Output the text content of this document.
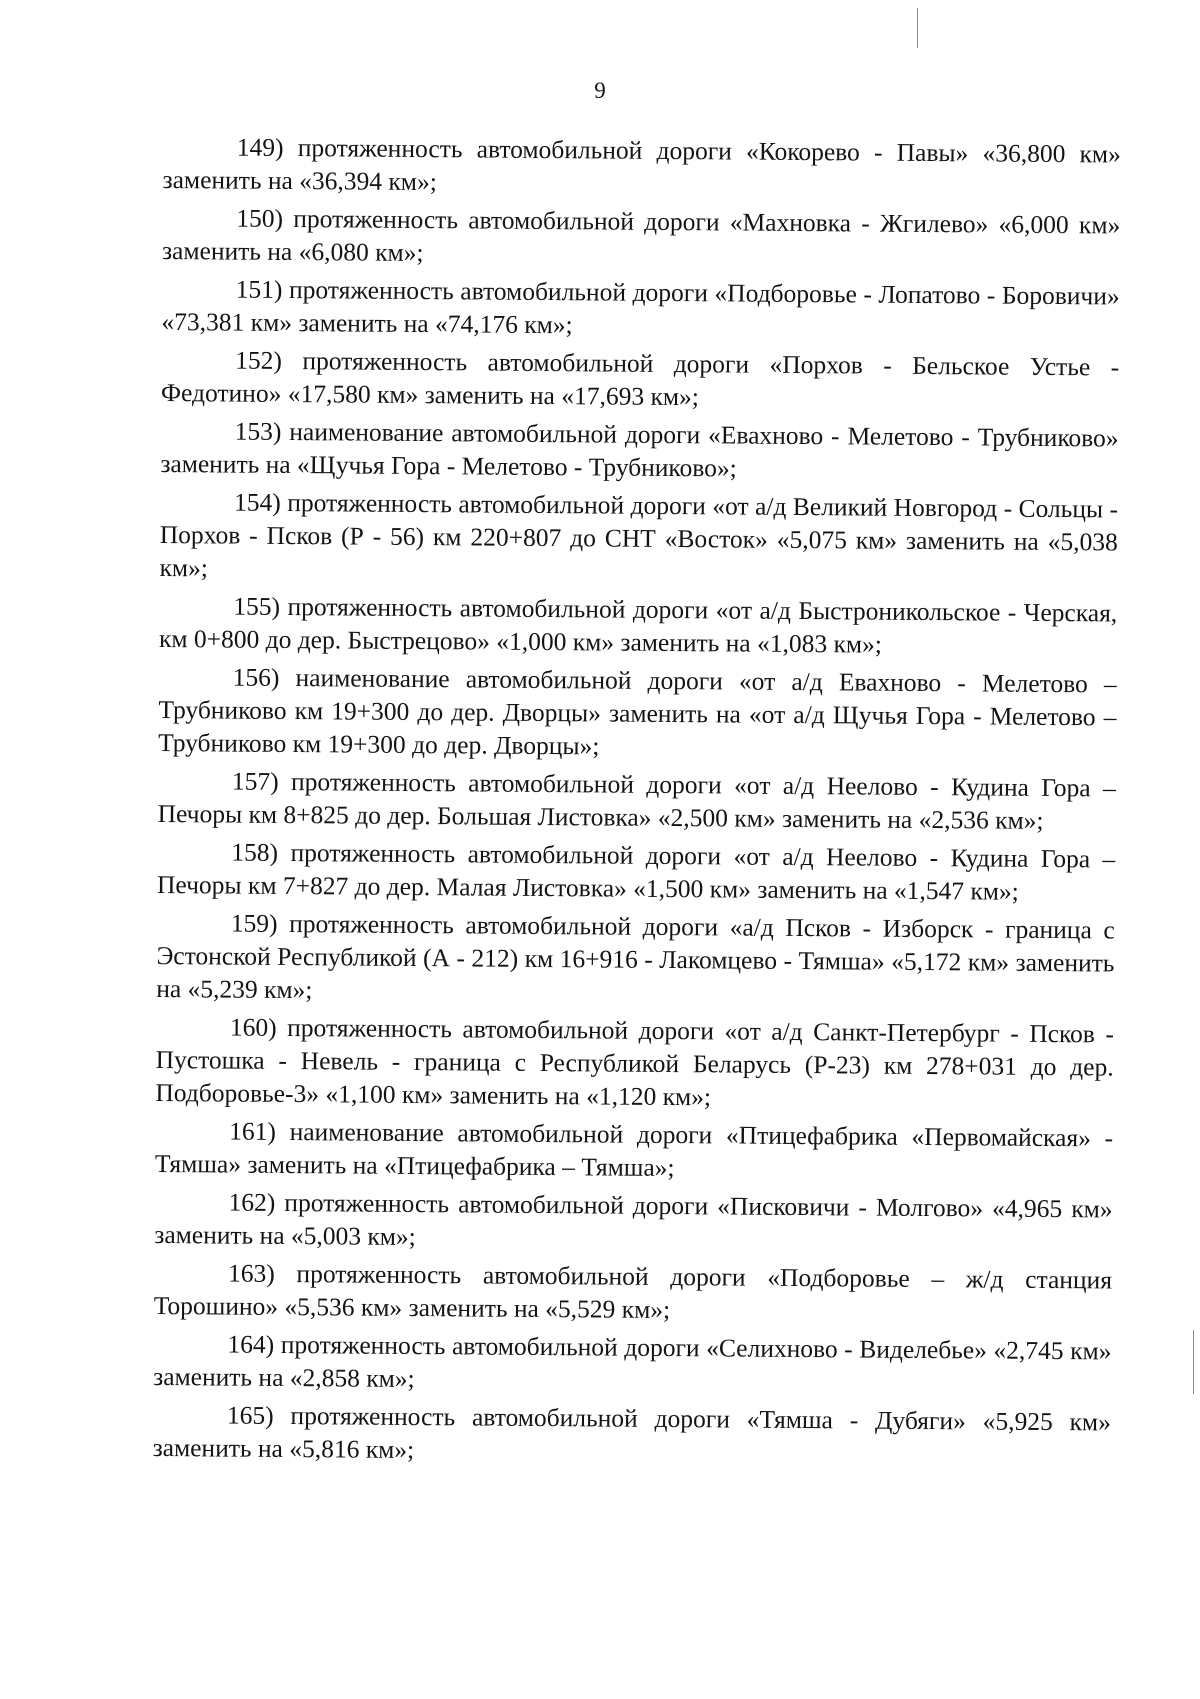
9

149) протяженность автомобильной дороги «Кокорево - Павы» «36,800 км» заменить на «36,394 км»;

150) протяженность автомобильной дороги «Махновка - Жгилево» «6,000 км» заменить на «6,080 км»;

151) протяженность автомобильной дороги «Подборовье - Лопатово - Боровичи» «73,381 км» заменить на «74,176 км»;

152) протяженность автомобильной дороги «Порхов - Бельское Устье - Федотино» «17,580 км» заменить на «17,693 км»;

153) наименование автомобильной дороги «Евахново - Мелетово - Трубниково» заменить на «Щучья Гора - Мелетово - Трубниково»;

154) протяженность автомобильной дороги «от а/д Великий Новгород - Сольцы - Порхов - Псков (Р - 56) км 220+807 до СНТ «Восток» «5,075 км» заменить на «5,038 км»;

155) протяженность автомобильной дороги «от а/д Быстроникольское - Черская, км 0+800 до дер. Быстрецово» «1,000 км» заменить на «1,083 км»;

156) наименование автомобильной дороги «от а/д Евахново - Мелетово – Трубниково км 19+300 до дер. Дворцы» заменить на «от а/д Щучья Гора - Мелетово – Трубниково км 19+300 до дер. Дворцы»;

157) протяженность автомобильной дороги «от а/д Неелово - Кудина Гора – Печоры км 8+825 до дер. Большая Листовка» «2,500 км» заменить на «2,536 км»;

158) протяженность автомобильной дороги «от а/д Неелово - Кудина Гора – Печоры км 7+827 до дер. Малая Листовка» «1,500 км» заменить на «1,547 км»;

159) протяженность автомобильной дороги «а/д Псков - Изборск - граница с Эстонской Республикой (А - 212) км 16+916 - Лакомцево - Тямша» «5,172 км» заменить на «5,239 км»;

160) протяженность автомобильной дороги «от а/д Санкт-Петербург - Псков - Пустошка - Невель - граница с Республикой Беларусь (Р-23) км 278+031 до дер. Подборовье-3» «1,100 км» заменить на «1,120 км»;

161) наименование автомобильной дороги «Птицефабрика «Первомайская» - Тямша» заменить на «Птицефабрика – Тямша»;

162) протяженность автомобильной дороги «Писковичи - Молгово» «4,965 км» заменить на «5,003 км»;

163) протяженность автомобильной дороги «Подборовье – ж/д станция Торошино» «5,536 км» заменить на «5,529 км»;

164) протяженность автомобильной дороги «Селихново - Виделебье» «2,745 км» заменить на «2,858 км»;

165) протяженность автомобильной дороги «Тямша - Дубяги» «5,925 км» заменить на «5,816 км»;
